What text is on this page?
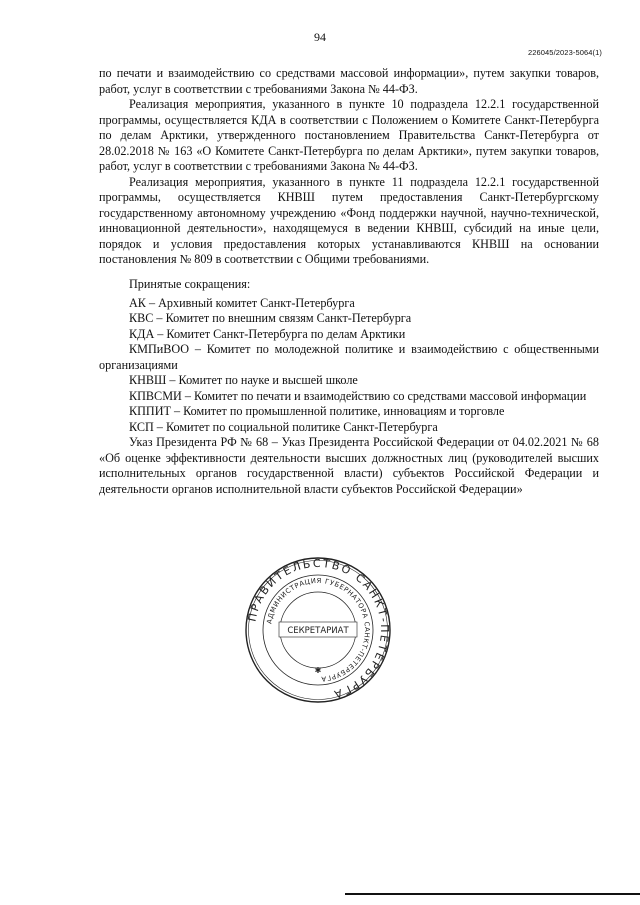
94
226045/2023-5064(1)

по печати и взаимодействию со средствами массовой информации», путем закупки товаров, работ, услуг в соответствии с требованиями Закона № 44-ФЗ.

Реализация мероприятия, указанного в пункте 10 подраздела 12.2.1 государственной программы, осуществляется КДА в соответствии с Положением о Комитете Санкт-Петербурга по делам Арктики, утвержденного постановлением Правительства Санкт-Петербурга от 28.02.2018 № 163 «О Комитете Санкт-Петербурга по делам Арктики», путем закупки товаров, работ, услуг в соответствии с требованиями Закона № 44-ФЗ.

Реализация мероприятия, указанного в пункте 11 подраздела 12.2.1 государственной программы, осуществляется КНВШ путем предоставления Санкт-Петербургскому государственному автономному учреждению «Фонд поддержки научной, научно-технической, инновационной деятельности», находящемуся в ведении КНВШ, субсидий на иные цели, порядок и условия предоставления которых устанавливаются КНВШ на основании постановления № 809 в соответствии с Общими требованиями.

Принятые сокращения:

АК – Архивный комитет Санкт-Петербурга

КВС – Комитет по внешним связям Санкт-Петербурга

КДА – Комитет Санкт-Петербурга по делам Арктики

КМПиВОО – Комитет по молодежной политике и взаимодействию с общественными организациями

КНВШ – Комитет по науке и высшей школе

КПВСМИ – Комитет по печати и взаимодействию со средствами массовой информации

КППИТ – Комитет по промышленной политике, инновациям и торговле

КСП – Комитет по социальной политике Санкт-Петербурга

Указ Президента РФ № 68 – Указ Президента Российской Федерации от 04.02.2021 № 68 «Об оценке эффективности деятельности высших должностных лиц (руководителей высших исполнительных органов государственной власти) субъектов Российской Федерации и деятельности органов исполнительной власти субъектов Российской Федерации»

ПРАВИТЕЛЬСТВО САНКТ-ПЕТЕРБУРГА
АДМИНИСТРАЦИЯ ГУБЕРНАТОРА САНКТ-ПЕТЕРБУРГА
СЕКРЕТАРИАТ
✱
